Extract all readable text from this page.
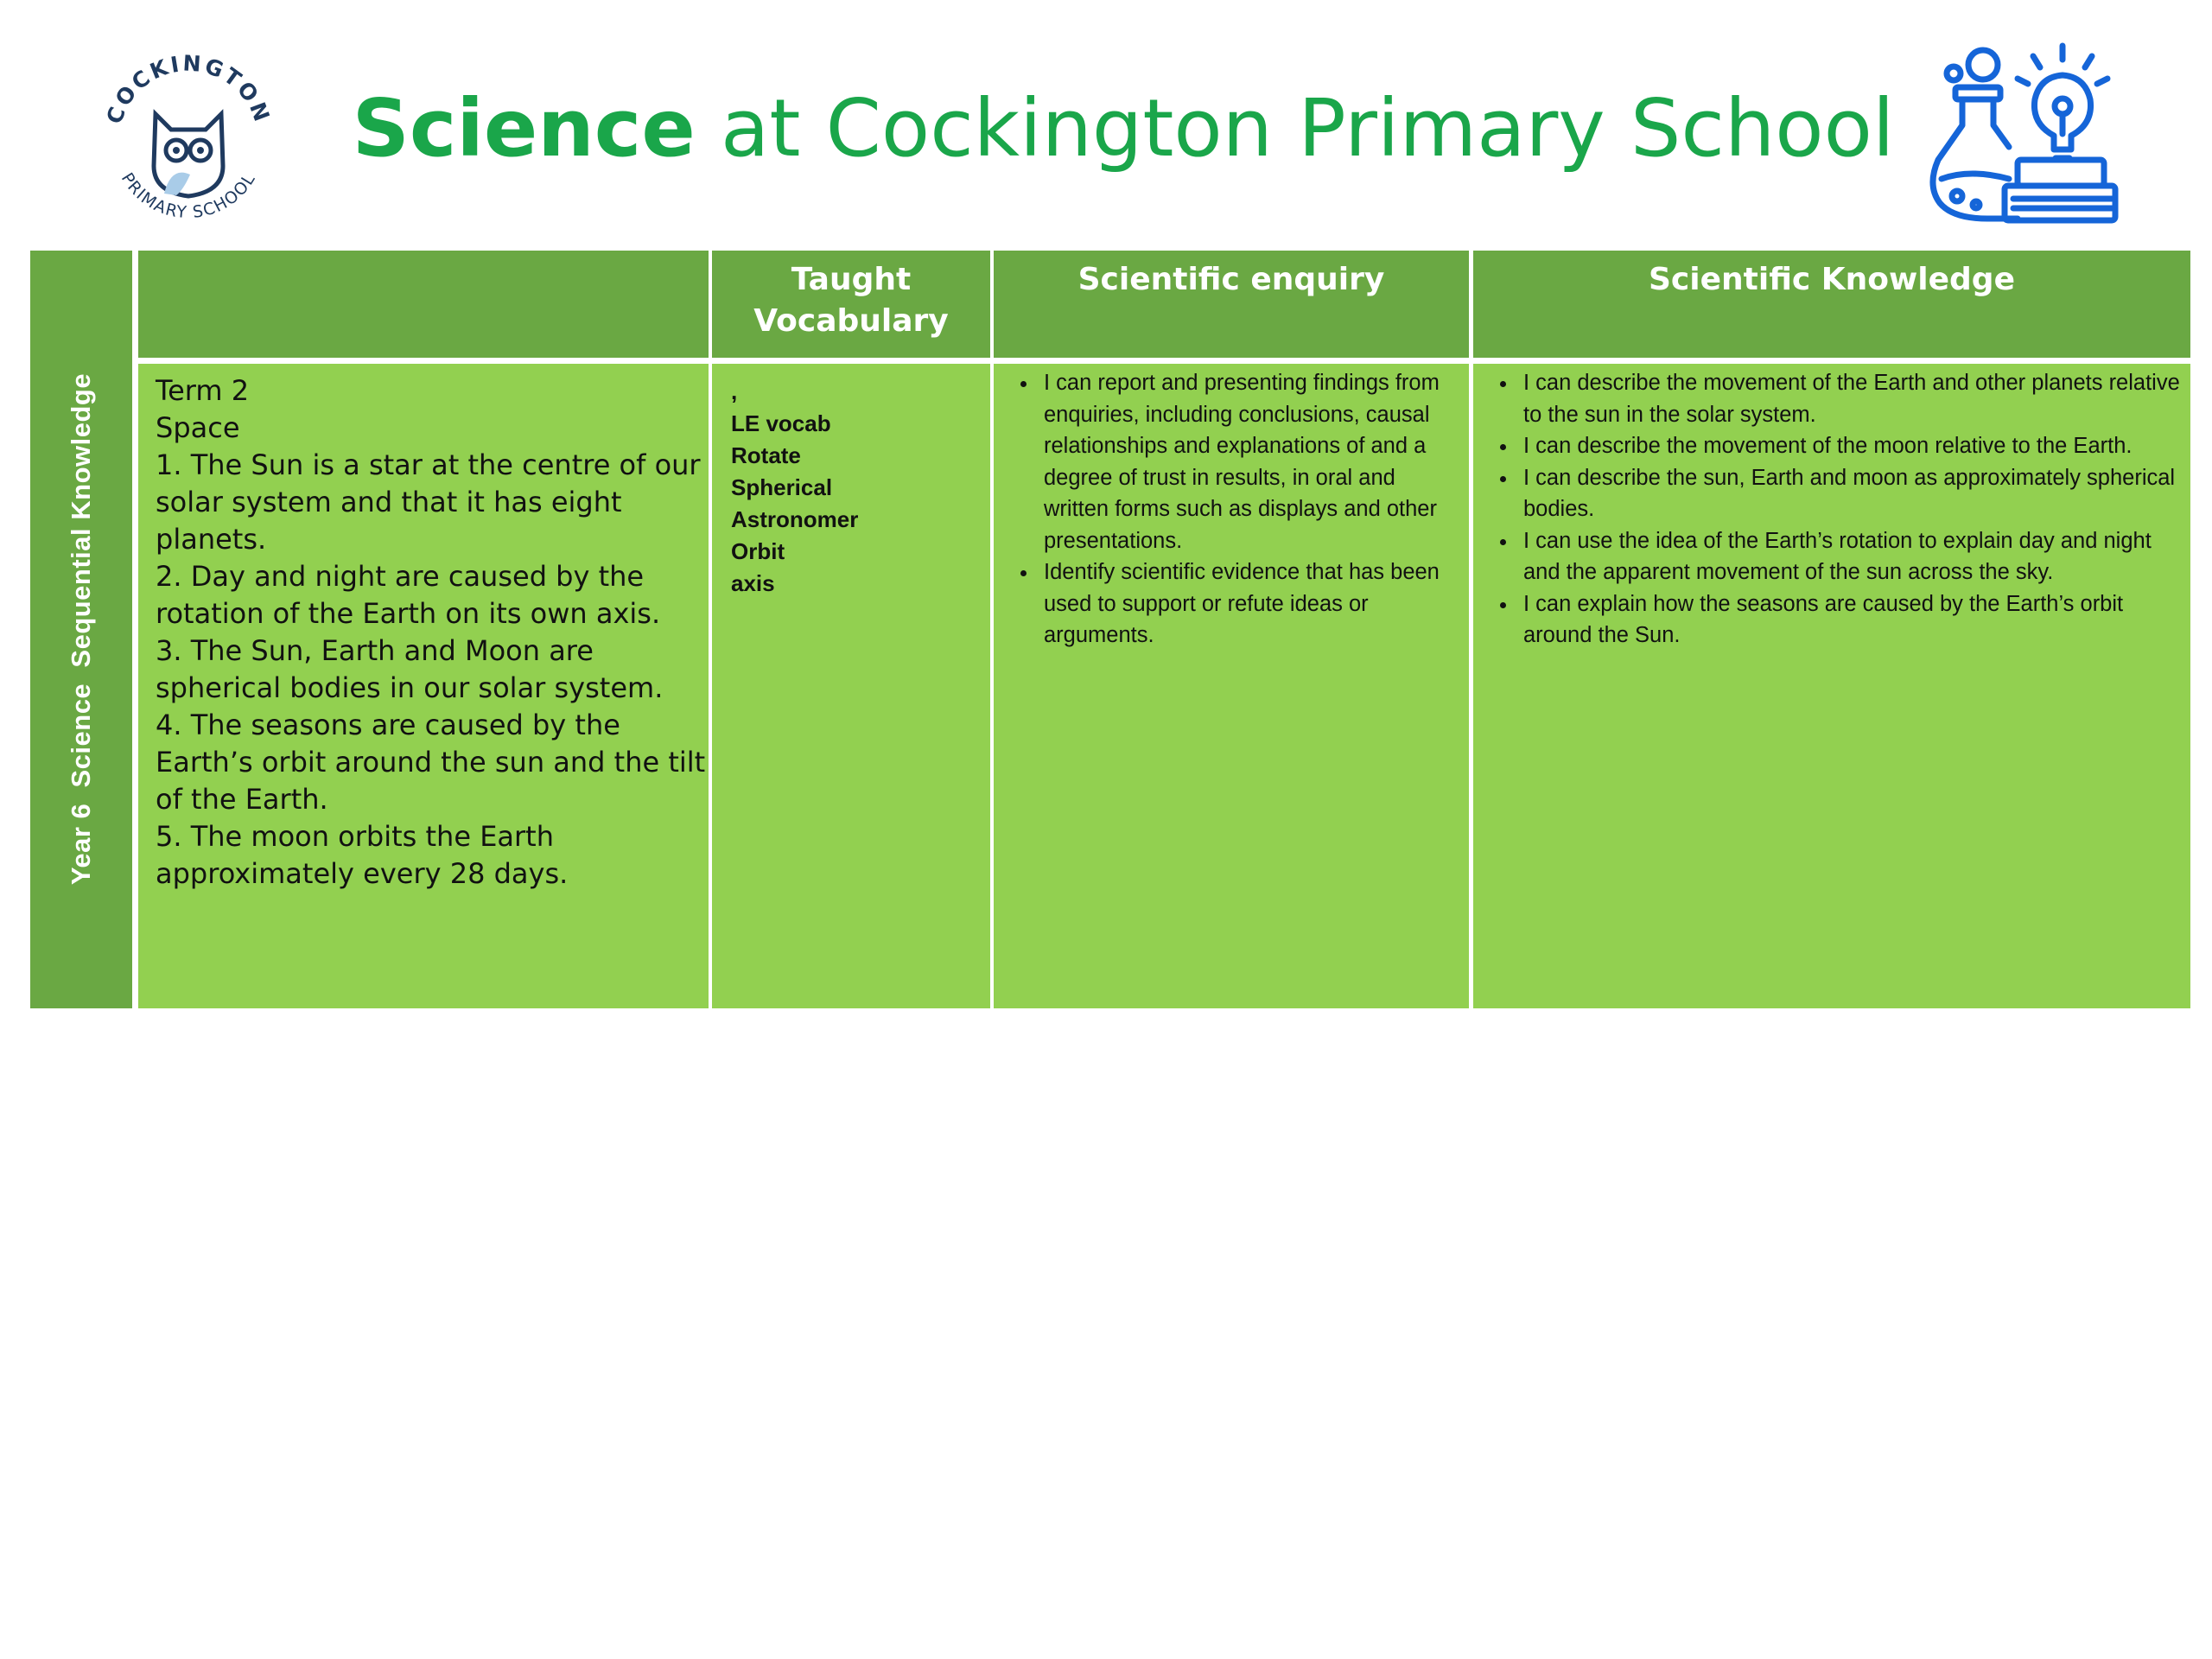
COCKINGTON
PRIMARY SCHOOL
Science at Cockington Primary School
Year 6  Science  Sequential Knowledge
Taught Vocabulary
Scientific enquiry	Scientific Knowledge
Term 2
Space
1. The Sun is a star at the centre of our solar system and that it has eight planets.
2. Day and night are caused by the rotation of the Earth on its own axis.
3. The Sun, Earth and Moon are spherical bodies in our solar system.
4. The seasons are caused by the Earth’s orbit around the sun and the tilt of the Earth.
5. The moon orbits the Earth approximately every 28 days.
,
LE vocab
Rotate
Spherical
Astronomer
Orbit
axis
• I can report and presenting findings from enquiries, including conclusions, causal relationships and explanations of and a degree of trust in results, in oral and written forms such as displays and other presentations.
• Identify scientific evidence that has been used to support or refute ideas or arguments.
• I can describe the movement of the Earth and other planets relative to the sun in the solar system.
• I can describe the movement of the moon relative to the Earth.
• I can describe the sun, Earth and moon as approximately spherical bodies.
• I can use the idea of the Earth’s rotation to explain day and night and the apparent movement of the sun across the sky.
• I can explain how the seasons are caused by the Earth’s orbit around the Sun.
